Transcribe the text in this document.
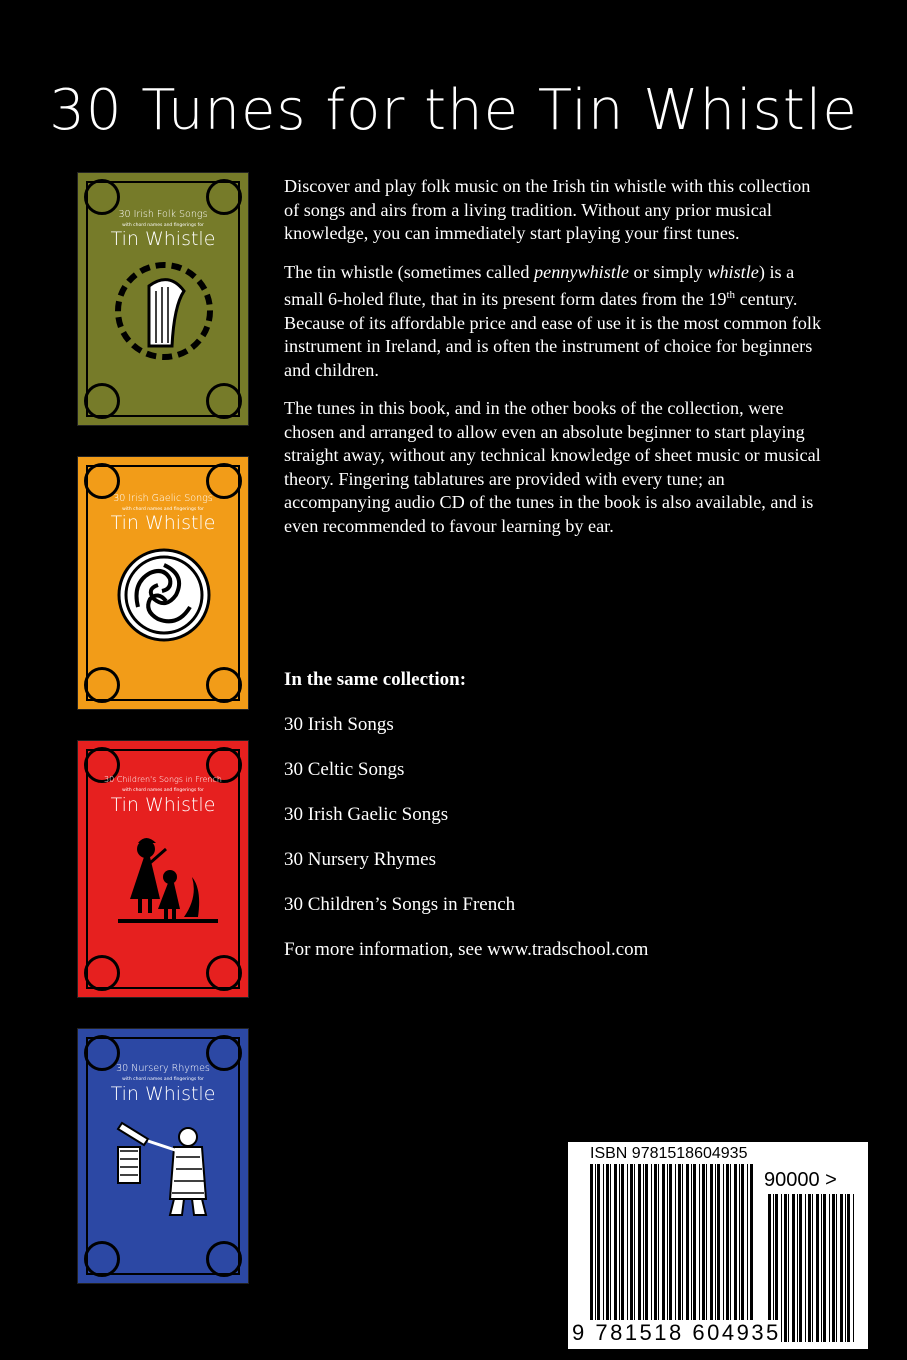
30 Tunes for the Tin Whistle
30 Irish Folk Songs
with chord names and fingerings for
Tin Whistle
30 Irish Gaelic Songs
with chord names and fingerings for
Tin Whistle
30 Children's Songs in French
with chord names and fingerings for
Tin Whistle
30 Nursery Rhymes
with chord names and fingerings for
Tin Whistle

Discover and play folk music on the Irish tin whistle with this collection of songs and airs from a living tradition. Without any prior musical knowledge, you can immediately start playing your first tunes.

The tin whistle (sometimes called pennywhistle or simply whistle) is a small 6-holed flute, that in its present form dates from the 19th century. Because of its affordable price and ease of use it is the most common folk instrument in Ireland, and is often the instrument of choice for beginners and children.

The tunes in this book, and in the other books of the collection, were chosen and arranged to allow even an absolute beginner to start playing straight away, without any technical knowledge of sheet music or musical theory. Fingering tablatures are provided with every tune; an accompanying audio CD of the tunes in the book is also available, and is even recommended to favour learning by ear.

In the same collection:
30 Irish Songs
30 Celtic Songs
30 Irish Gaelic Songs
30 Nursery Rhymes
30 Children’s Songs in French
For more information, see www.tradschool.com
ISBN 9781518604935
90000 >
9 781518 604935
